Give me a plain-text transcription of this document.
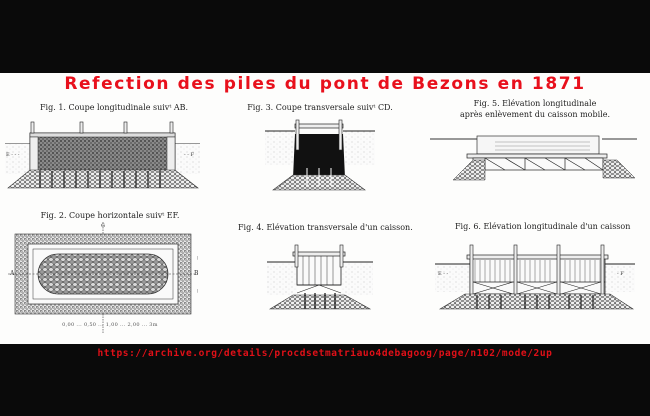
Refection des piles du pont de Bezons en 1871
Fig. 1. Coupe longitudinale suivᵗ AB.
E - - -	- - F
Fig. 2. Coupe horizontale suivᵗ EF.
G
A	B
|
|
0,00 ... 0,50 ... 1,00 ... 2,00 ... 3m
Fig. 3. Coupe transversale suivᵗ CD.
Fig. 4. Elévation transversale d'un caisson.
Fig. 5. Elévation longitudinale
après enlèvement du caisson mobile.
Fig. 6. Elévation longitudinale d'un caisson
E - -	- F
https://archive.org/details/procdsetmatriauo4debagoog/page/n102/mode/2up
